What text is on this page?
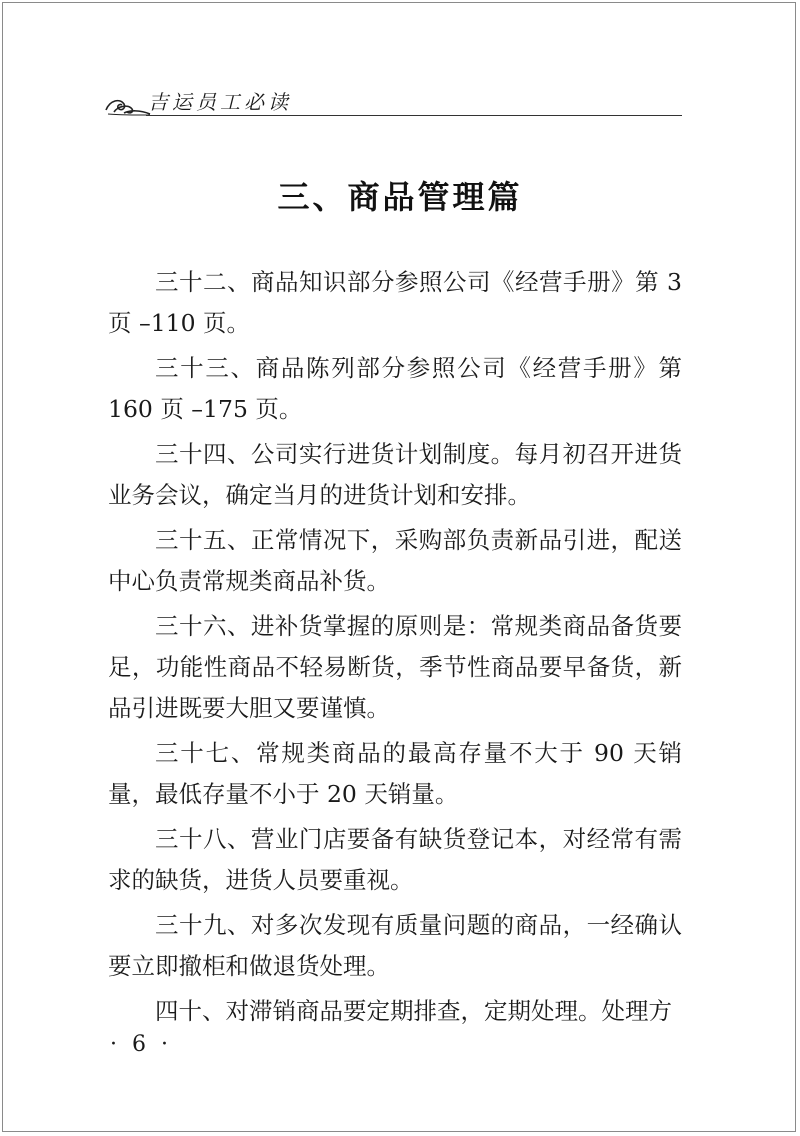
吉运员工必读
三、商品管理篇

三十二、商品知识部分参照公司《经营手册》第 3 页 –110 页。

三十三、商品陈列部分参照公司《经营手册》第 160 页 –175 页。

三十四、公司实行进货计划制度。每月初召开进货业务会议，确定当月的进货计划和安排。

三十五、正常情况下，采购部负责新品引进，配送中心负责常规类商品补货。

三十六、进补货掌握的原则是：常规类商品备货要足，功能性商品不轻易断货，季节性商品要早备货，新品引进既要大胆又要谨慎。

三十七、常规类商品的最高存量不大于 90 天销量，最低存量不小于 20 天销量。

三十八、营业门店要备有缺货登记本，对经常有需求的缺货，进货人员要重视。

三十九、对多次发现有质量问题的商品，一经确认要立即撤柜和做退货处理。

四十、对滞销商品要定期排查，定期处理。处理方

· 6 ·
